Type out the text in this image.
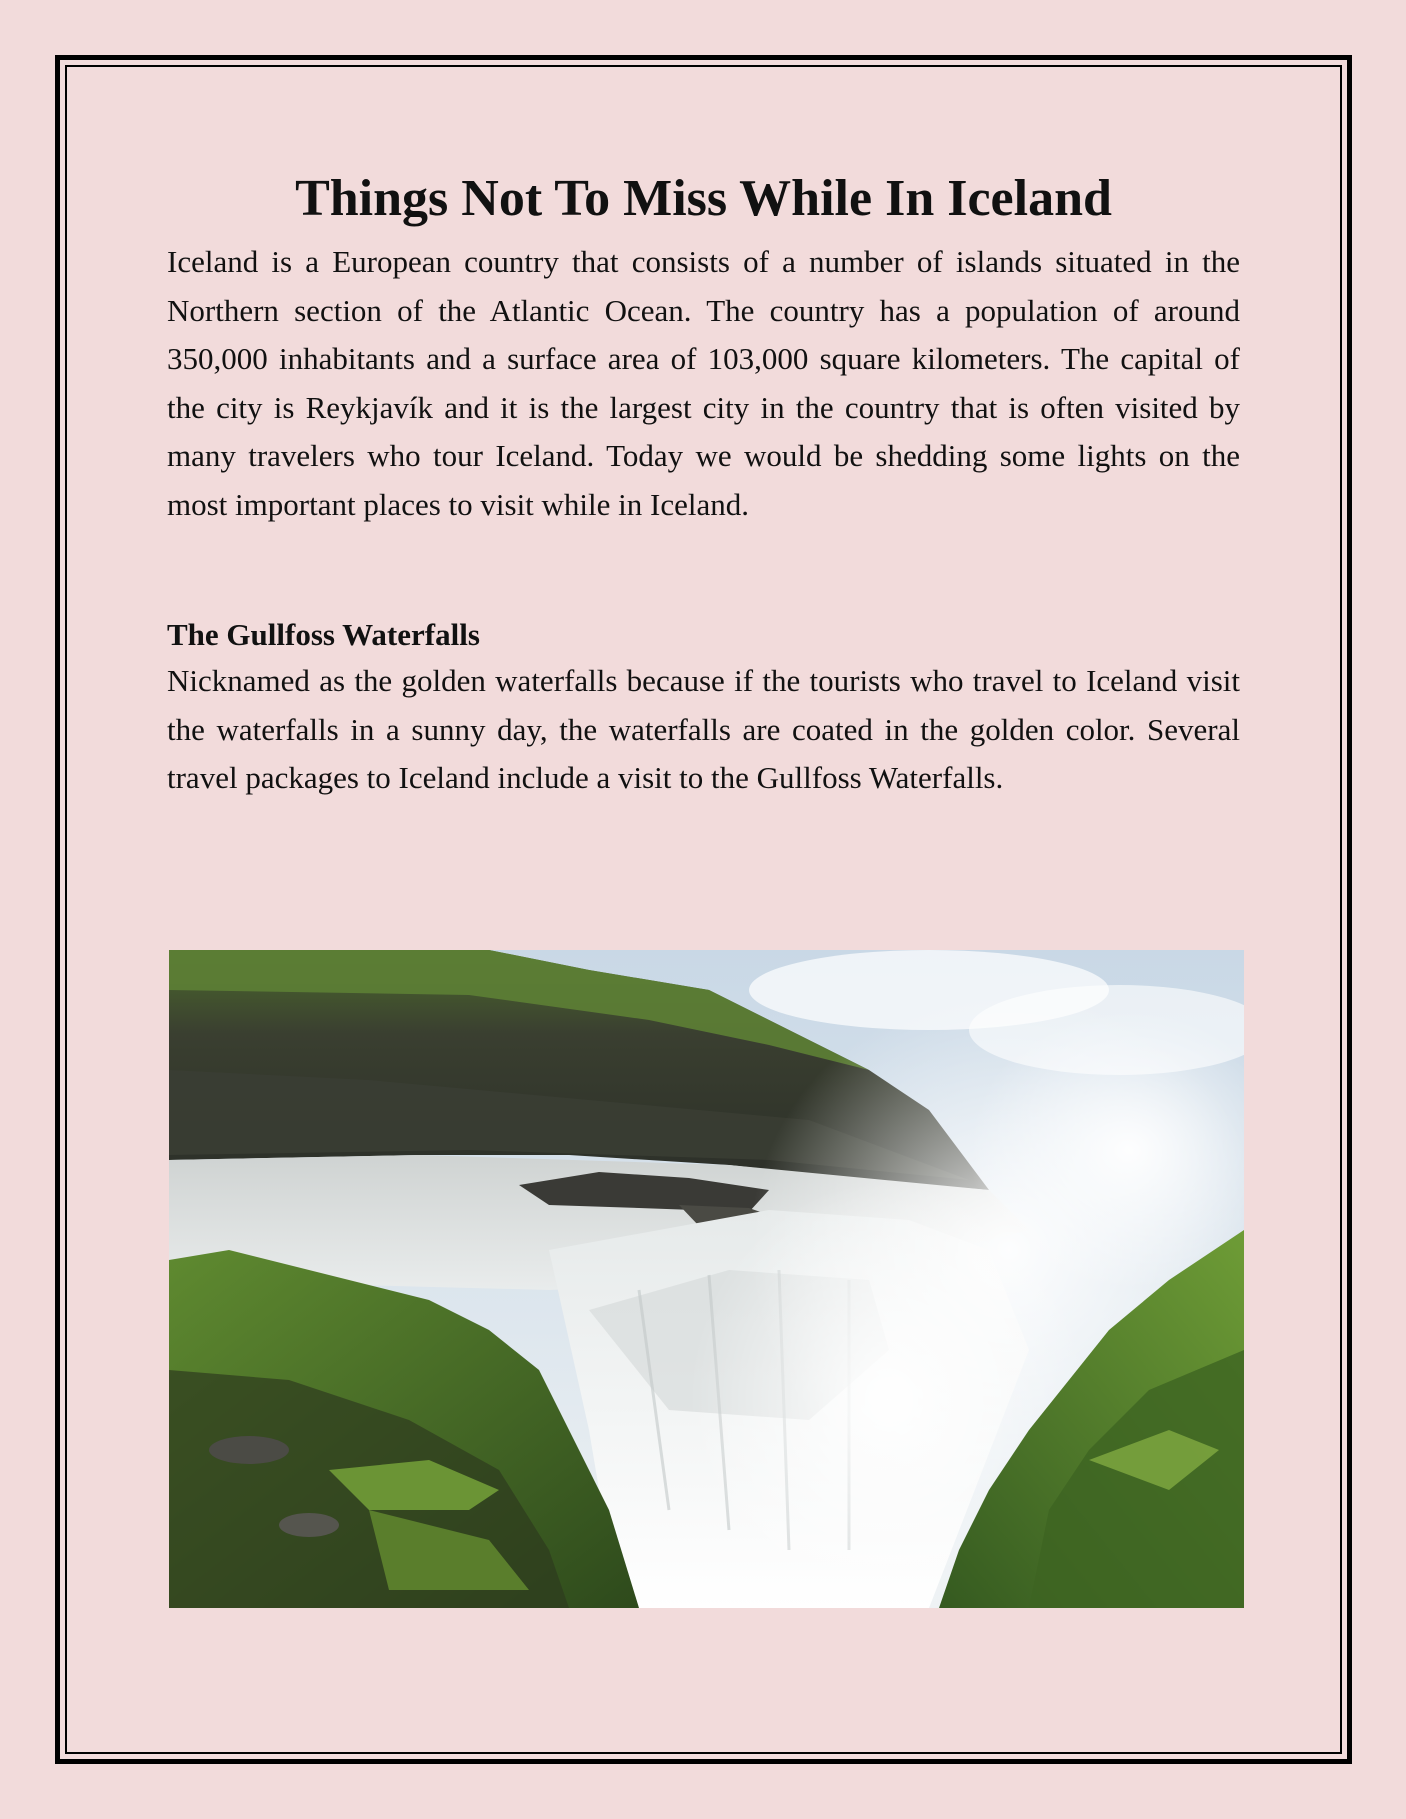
Things Not To Miss While In Iceland

Iceland is a European country that consists of a number of islands situated in the Northern section of the Atlantic Ocean. The country has a population of around 350,000 inhabitants and a surface area of 103,000 square kilometers. The capital of the city is Reykjavík and it is the largest city in the country that is often visited by many travelers who tour Iceland. Today we would be shedding some lights on the most important places to visit while in Iceland.

The Gullfoss Waterfalls

Nicknamed as the golden waterfalls because if the tourists who travel to Iceland visit the waterfalls in a sunny day, the waterfalls are coated in the golden color. Several travel packages to Iceland include a visit to the Gullfoss Waterfalls.
